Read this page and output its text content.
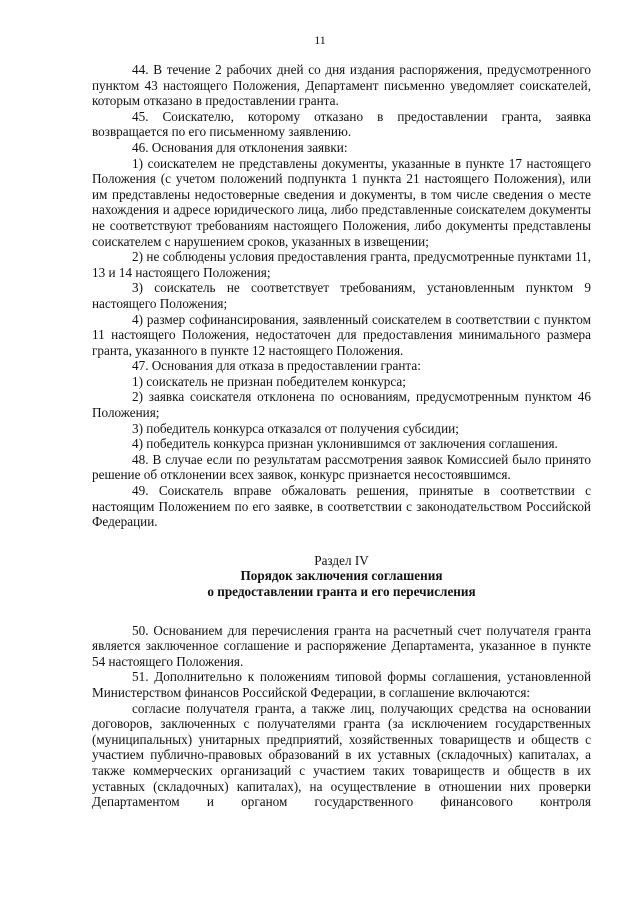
11

44. В течение 2 рабочих дней со дня издания распоряжения, предусмотренного пунктом 43 настоящего Положения, Департамент письменно уведомляет соискателей, которым отказано в предоставлении гранта.

45. Соискателю, которому отказано в предоставлении гранта, заявка возвращается по его письменному заявлению.

46. Основания для отклонения заявки:

1) соискателем не представлены документы, указанные в пункте 17 настоящего Положения (с учетом положений подпункта 1 пункта 21 настоящего Положения), или им представлены недостоверные сведения и документы, в том числе сведения о месте нахождения и адресе юридического лица, либо представленные соискателем документы не соответствуют требованиям настоящего Положения, либо документы представлены соискателем с нарушением сроков, указанных в извещении;

2) не соблюдены условия предоставления гранта, предусмотренные пунктами 11, 13 и 14 настоящего Положения;

3) соискатель не соответствует требованиям, установленным пунктом 9 настоящего Положения;

4) размер софинансирования, заявленный соискателем в соответствии с пунктом 11 настоящего Положения, недостаточен для предоставления минимального размера гранта, указанного в пункте 12 настоящего Положения.

47. Основания для отказа в предоставлении гранта:

1) соискатель не признан победителем конкурса;

2) заявка соискателя отклонена по основаниям, предусмотренным пунктом 46 Положения;

3) победитель конкурса отказался от получения субсидии;

4) победитель конкурса признан уклонившимся от заключения соглашения.

48. В случае если по результатам рассмотрения заявок Комиссией было принято решение об отклонении всех заявок, конкурс признается несостоявшимся.

49. Соискатель вправе обжаловать решения, принятые в соответствии с настоящим Положением по его заявке, в соответствии с законодательством Российской Федерации.

Раздел IV
Порядок заключения соглашения
о предоставлении гранта и его перечисления

50. Основанием для перечисления гранта на расчетный счет получателя гранта является заключенное соглашение и распоряжение Департамента, указанное в пункте 54 настоящего Положения.

51. Дополнительно к положениям типовой формы соглашения, установленной Министерством финансов Российской Федерации, в соглашение включаются:

согласие получателя гранта, а также лиц, получающих средства на основании договоров, заключенных с получателями гранта (за исключением государственных (муниципальных) унитарных предприятий, хозяйственных товариществ и обществ с участием публично-правовых образований в их уставных (складочных) капиталах, а также коммерческих организаций с участием таких товариществ и обществ в их уставных (складочных) капиталах), на осуществление в отношении них проверки Департаментом и органом государственного финансового контроля
